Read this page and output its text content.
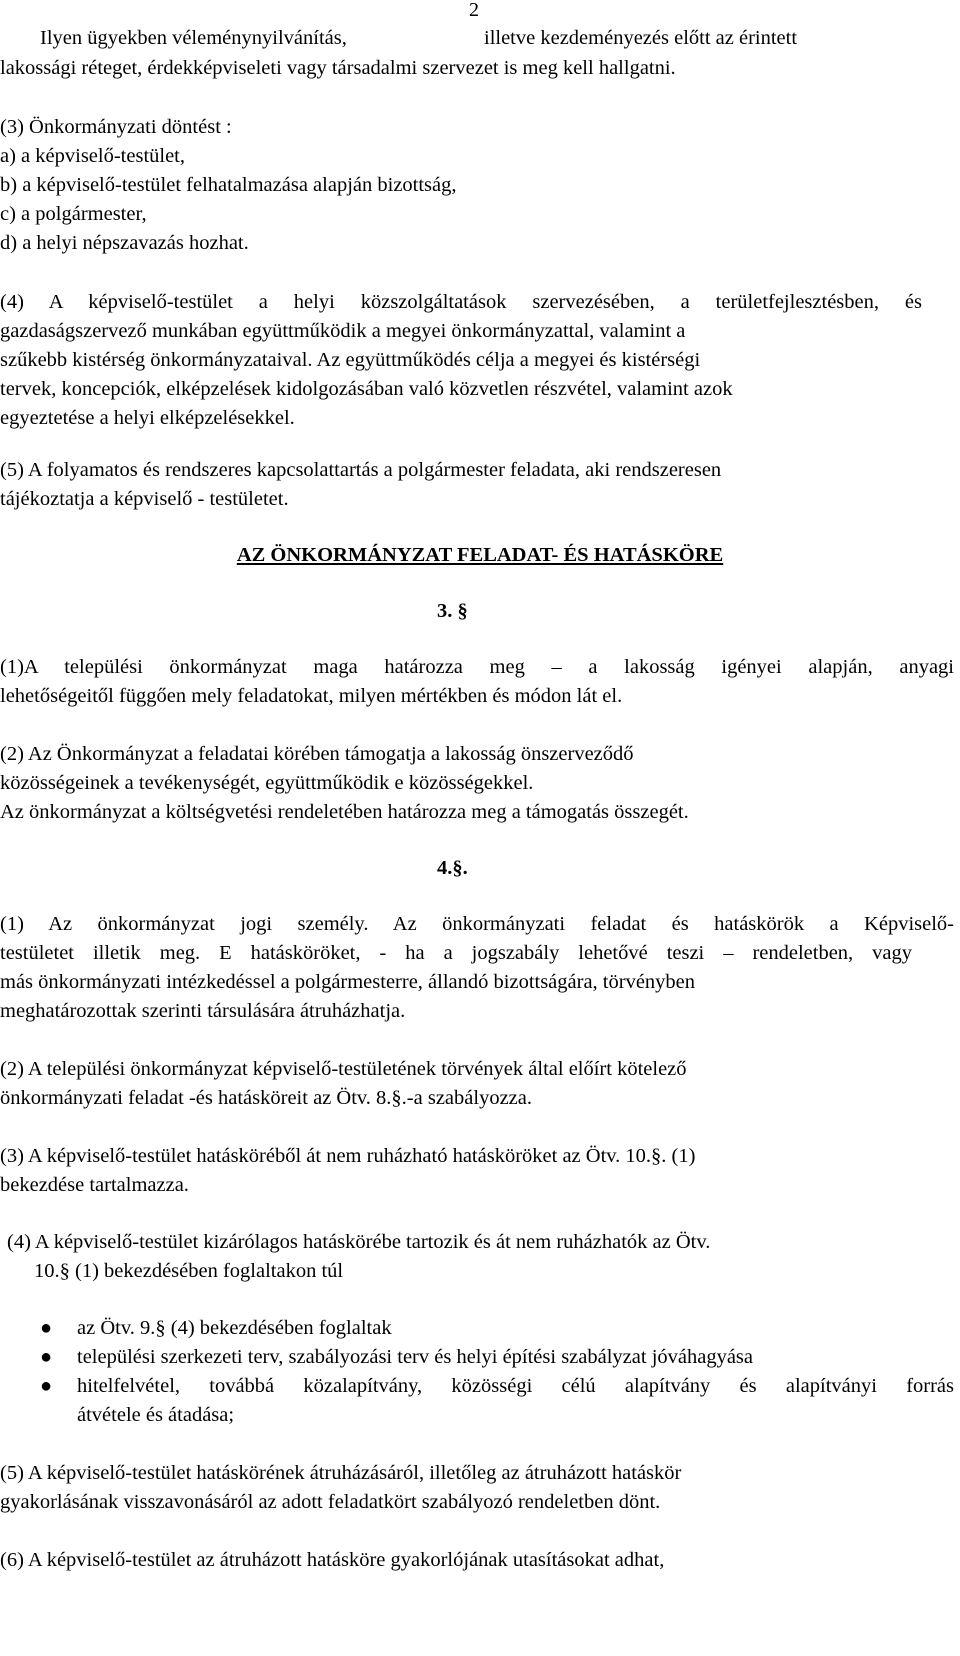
2
Ilyen ügyekben véleménynyilvánítás,	illetve kezdeményezés előtt az érintett
lakossági réteget, érdekképviseleti vagy társadalmi szervezet is meg kell hallgatni.
(3) Önkormányzati döntést :
a) a képviselő-testület,
b) a képviselő-testület felhatalmazása alapján bizottság,
c) a polgármester,
d) a helyi népszavazás hozhat.
(4) A képviselő-testület a helyi közszolgáltatások szervezésében, a területfejlesztésben, és
gazdaságszervező munkában együttműködik a megyei önkormányzattal, valamint a
szűkebb kistérség önkormányzataival. Az együttműködés célja a megyei és kistérségi
tervek, koncepciók, elképzelések kidolgozásában való közvetlen részvétel, valamint azok
egyeztetése a helyi elképzelésekkel.
(5) A folyamatos és rendszeres kapcsolattartás a polgármester feladata, aki rendszeresen
tájékoztatja a képviselő - testületet.
AZ ÖNKORMÁNYZAT FELADAT- ÉS HATÁSKÖRE
3. §
(1)A települési önkormányzat maga határozza meg – a lakosság igényei alapján, anyagi
lehetőségeitől függően mely feladatokat, milyen mértékben és módon lát el.
(2) Az Önkormányzat a feladatai körében támogatja a lakosság önszerveződő
közösségeinek a tevékenységét, együttműködik e közösségekkel.
Az önkormányzat a költségvetési rendeletében határozza meg a támogatás összegét.
4.§.
(1) Az önkormányzat jogi személy. Az önkormányzati feladat és hatáskörök a Képviselő-
testületet illetik meg. E hatásköröket, - ha a jogszabály lehetővé teszi – rendeletben, vagy
más önkormányzati intézkedéssel a polgármesterre, állandó bizottságára, törvényben
meghatározottak szerinti társulására átruházhatja.
(2) A települési önkormányzat képviselő-testületének törvények által előírt kötelező
önkormányzati feladat -és hatásköreit az Ötv. 8.§.-a szabályozza.
(3) A képviselő-testület hatásköréből át nem ruházható hatásköröket az Ötv. 10.§. (1)
bekezdése tartalmazza.
(4) A képviselő-testület kizárólagos hatáskörébe tartozik és át nem ruházhatók az Ötv.
10.§ (1) bekezdésében foglaltakon túl
● az Ötv. 9.§ (4) bekezdésében foglaltak
● települési szerkezeti terv, szabályozási terv és helyi építési szabályzat jóváhagyása
● hitelfelvétel, továbbá közalapítvány, közösségi célú alapítvány és alapítványi forrás
átvétele és átadása;
(5) A képviselő-testület hatáskörének átruházásáról, illetőleg az átruházott hatáskör
gyakorlásának visszavonásáról az adott feladatkört szabályozó rendeletben dönt.
(6) A képviselő-testület az átruházott hatásköre gyakorlójának utasításokat adhat,
